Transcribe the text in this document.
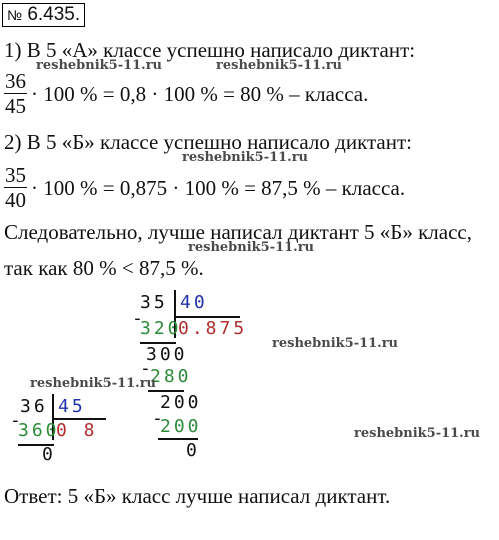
№ 6.435.
1) В 5 «А» классе успешно написало диктант:
reshebnik5-11.ru	reshebnik5-11.ru
$\frac{36}{45} \cdot 100$ % = 0,8 · 100 % = 80 % – класса.
2) В 5 «Б» классе успешно написало диктант:
reshebnik5-11.ru
$\frac{35}{40} \cdot 100$ % = 0,875 · 100 % = 87,5 % – класса.
Следовательно, лучше написал диктант 5 «Б» класс,
reshebnik5-11.ru
так как 80 % < 87,5 %.
35 40
-
320
0.875
300
-
280
200
-
200
0
reshebnik5-11.ru
reshebnik5-11.ru
reshebnik5-11.ru
36 45
-
360
0 8
0
Ответ: 5 «Б» класс лучше написал диктант.
